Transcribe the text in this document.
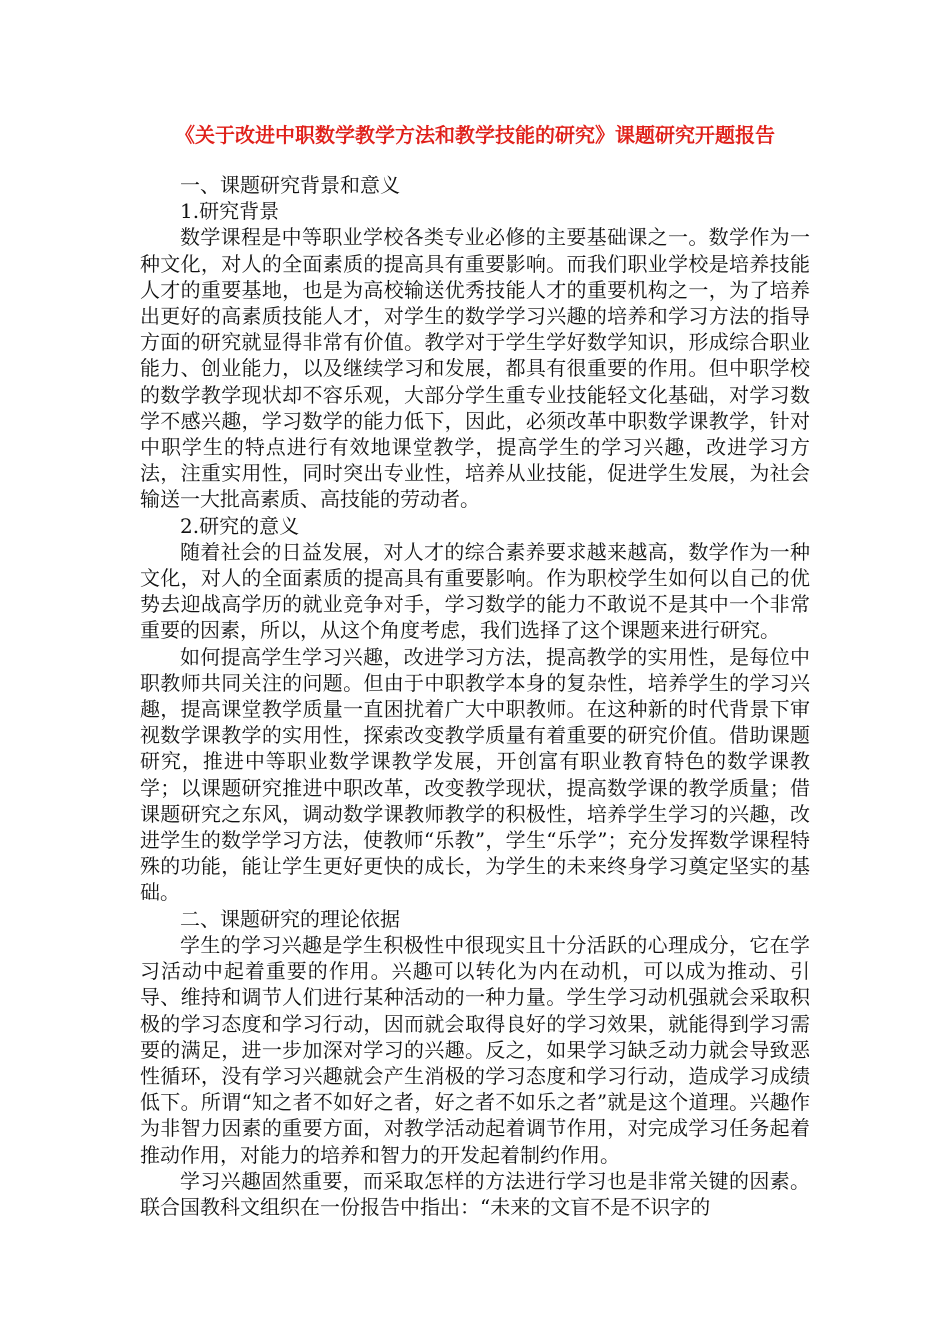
《关于改进中职数学教学方法和教学技能的研究》课题研究开题报告

一、课题研究背景和意义

1.研究背景

数学课程是中等职业学校各类专业必修的主要基础课之一。数学作为一种文化，对人的全面素质的提高具有重要影响。而我们职业学校是培养技能人才的重要基地，也是为高校输送优秀技能人才的重要机构之一，为了培养出更好的高素质技能人才，对学生的数学学习兴趣的培养和学习方法的指导方面的研究就显得非常有价值。教学对于学生学好数学知识，形成综合职业能力、创业能力，以及继续学习和发展，都具有很重要的作用。但中职学校的数学教学现状却不容乐观，大部分学生重专业技能轻文化基础，对学习数学不感兴趣，学习数学的能力低下，因此，必须改革中职数学课教学，针对中职学生的特点进行有效地课堂教学，提高学生的学习兴趣，改进学习方法，注重实用性，同时突出专业性，培养从业技能，促进学生发展，为社会输送一大批高素质、高技能的劳动者。

2.研究的意义

随着社会的日益发展，对人才的综合素养要求越来越高，数学作为一种文化，对人的全面素质的提高具有重要影响。作为职校学生如何以自己的优势去迎战高学历的就业竞争对手，学习数学的能力不敢说不是其中一个非常重要的因素，所以，从这个角度考虑，我们选择了这个课题来进行研究。

如何提高学生学习兴趣，改进学习方法，提高教学的实用性，是每位中职教师共同关注的问题。但由于中职教学本身的复杂性，培养学生的学习兴趣，提高课堂教学质量一直困扰着广大中职教师。在这种新的时代背景下审视数学课教学的实用性，探索改变教学质量有着重要的研究价值。借助课题研究，推进中等职业数学课教学发展，开创富有职业教育特色的数学课教学；以课题研究推进中职改革，改变教学现状，提高数学课的教学质量；借课题研究之东风，调动数学课教师教学的积极性，培养学生学习的兴趣，改进学生的数学学习方法，使教师“乐教”，学生“乐学”；充分发挥数学课程特殊的功能，能让学生更好更快的成长，为学生的未来终身学习奠定坚实的基础。

二、课题研究的理论依据

学生的学习兴趣是学生积极性中很现实且十分活跃的心理成分，它在学习活动中起着重要的作用。兴趣可以转化为内在动机，可以成为推动、引导、维持和调节人们进行某种活动的一种力量。学生学习动机强就会采取积极的学习态度和学习行动，因而就会取得良好的学习效果，就能得到学习需要的满足，进一步加深对学习的兴趣。反之，如果学习缺乏动力就会导致恶性循环，没有学习兴趣就会产生消极的学习态度和学习行动，造成学习成绩低下。所谓“知之者不如好之者，好之者不如乐之者”就是这个道理。兴趣作为非智力因素的重要方面，对教学活动起着调节作用，对完成学习任务起着推动作用，对能力的培养和智力的开发起着制约作用。

学习兴趣固然重要，而采取怎样的方法进行学习也是非常关键的因素。联合国教科文组织在一份报告中指出：“未来的文盲不是不识字的
